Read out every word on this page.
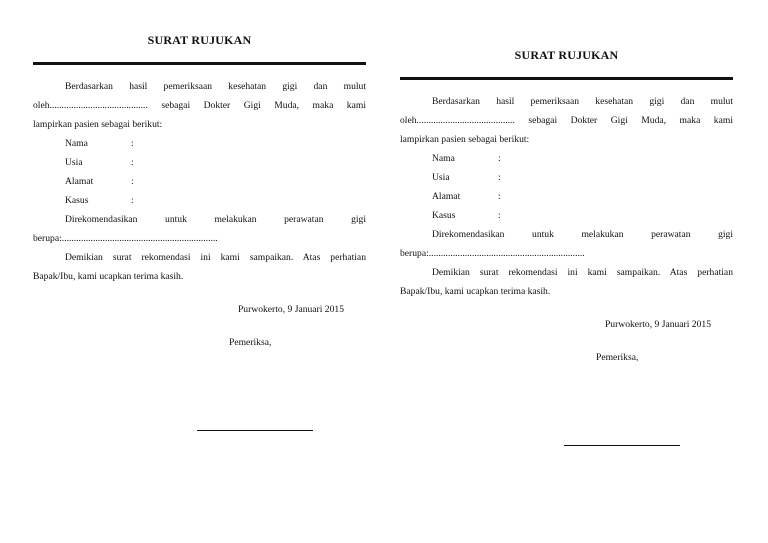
SURAT RUJUKAN
Berdasarkan hasil pemeriksaan kesehatan gigi dan mulut
oleh......................................... sebagai Dokter Gigi Muda, maka kami
lampirkan pasien sebagai berikut:
Nama	:
Usia	:
Alamat	:
Kasus	:
Direkomendasikan untuk melakukan perawatan gigi
berupa:.................................................................
Demikian surat rekomendasi ini kami sampaikan. Atas perhatian
Bapak/Ibu, kami ucapkan terima kasih.
Purwokerto, 9 Januari 2015
Pemeriksa,
SURAT RUJUKAN
Berdasarkan hasil pemeriksaan kesehatan gigi dan mulut
oleh......................................... sebagai Dokter Gigi Muda, maka kami
lampirkan pasien sebagai berikut:
Nama	:
Usia	:
Alamat	:
Kasus	:
Direkomendasikan untuk melakukan perawatan gigi
berupa:.................................................................
Demikian surat rekomendasi ini kami sampaikan. Atas perhatian
Bapak/Ibu, kami ucapkan terima kasih.
Purwokerto, 9 Januari 2015
Pemeriksa,
